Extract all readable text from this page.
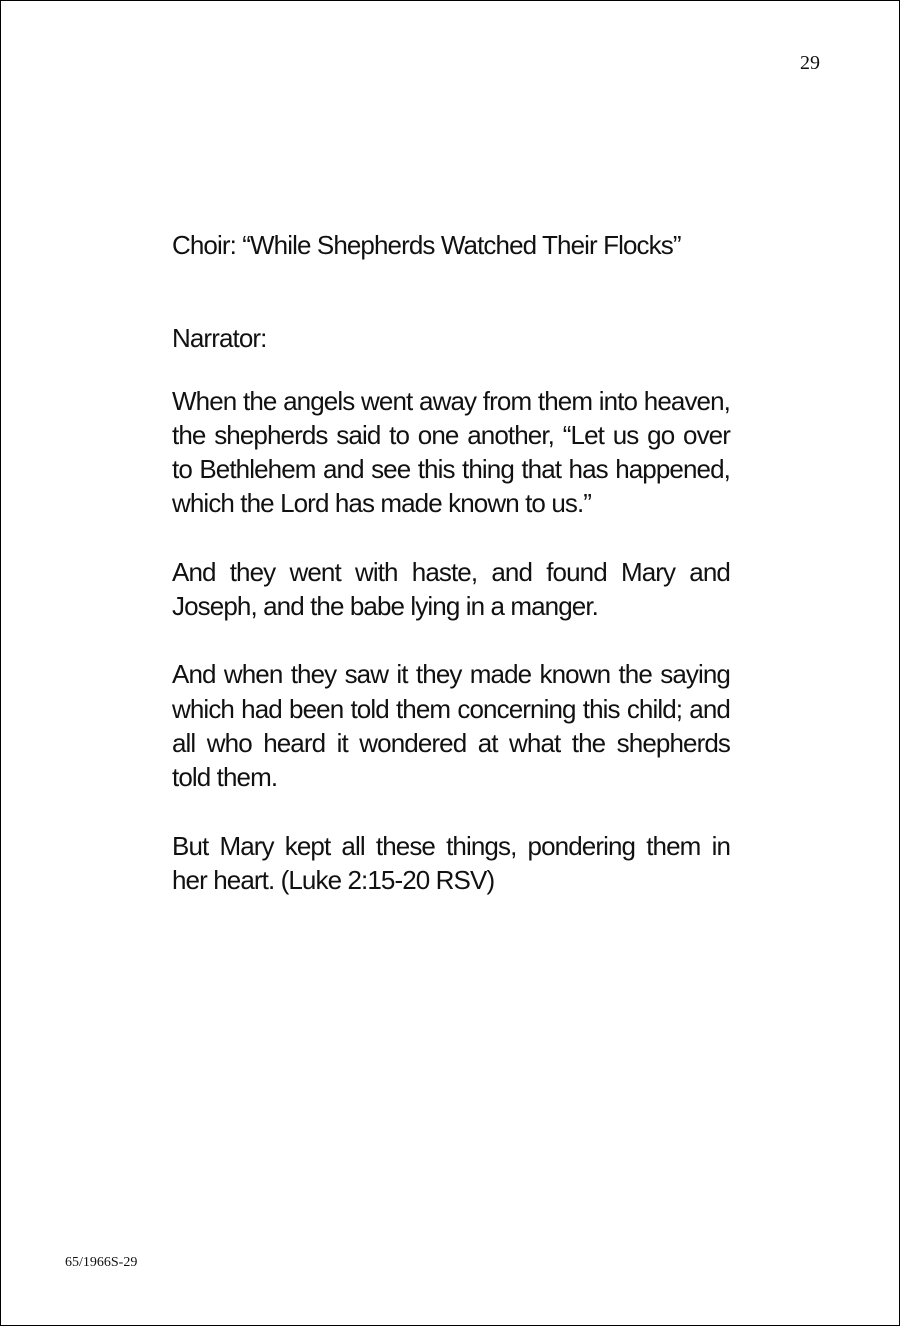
29

Choir: “While Shepherds Watched Their Flocks”

Narrator:

When the angels went away from them into heaven, the shepherds said to one another, “Let us go over to Bethlehem and see this thing that has happened, which the Lord has made known to us.”

And they went with haste, and found Mary and Joseph, and the babe lying in a manger.

And when they saw it they made known the saying which had been told them concerning this child; and all who heard it wondered at what the shepherds told them.

But Mary kept all these things, pondering them in her heart. (Luke 2:15-20 RSV)

65/1966S-29
